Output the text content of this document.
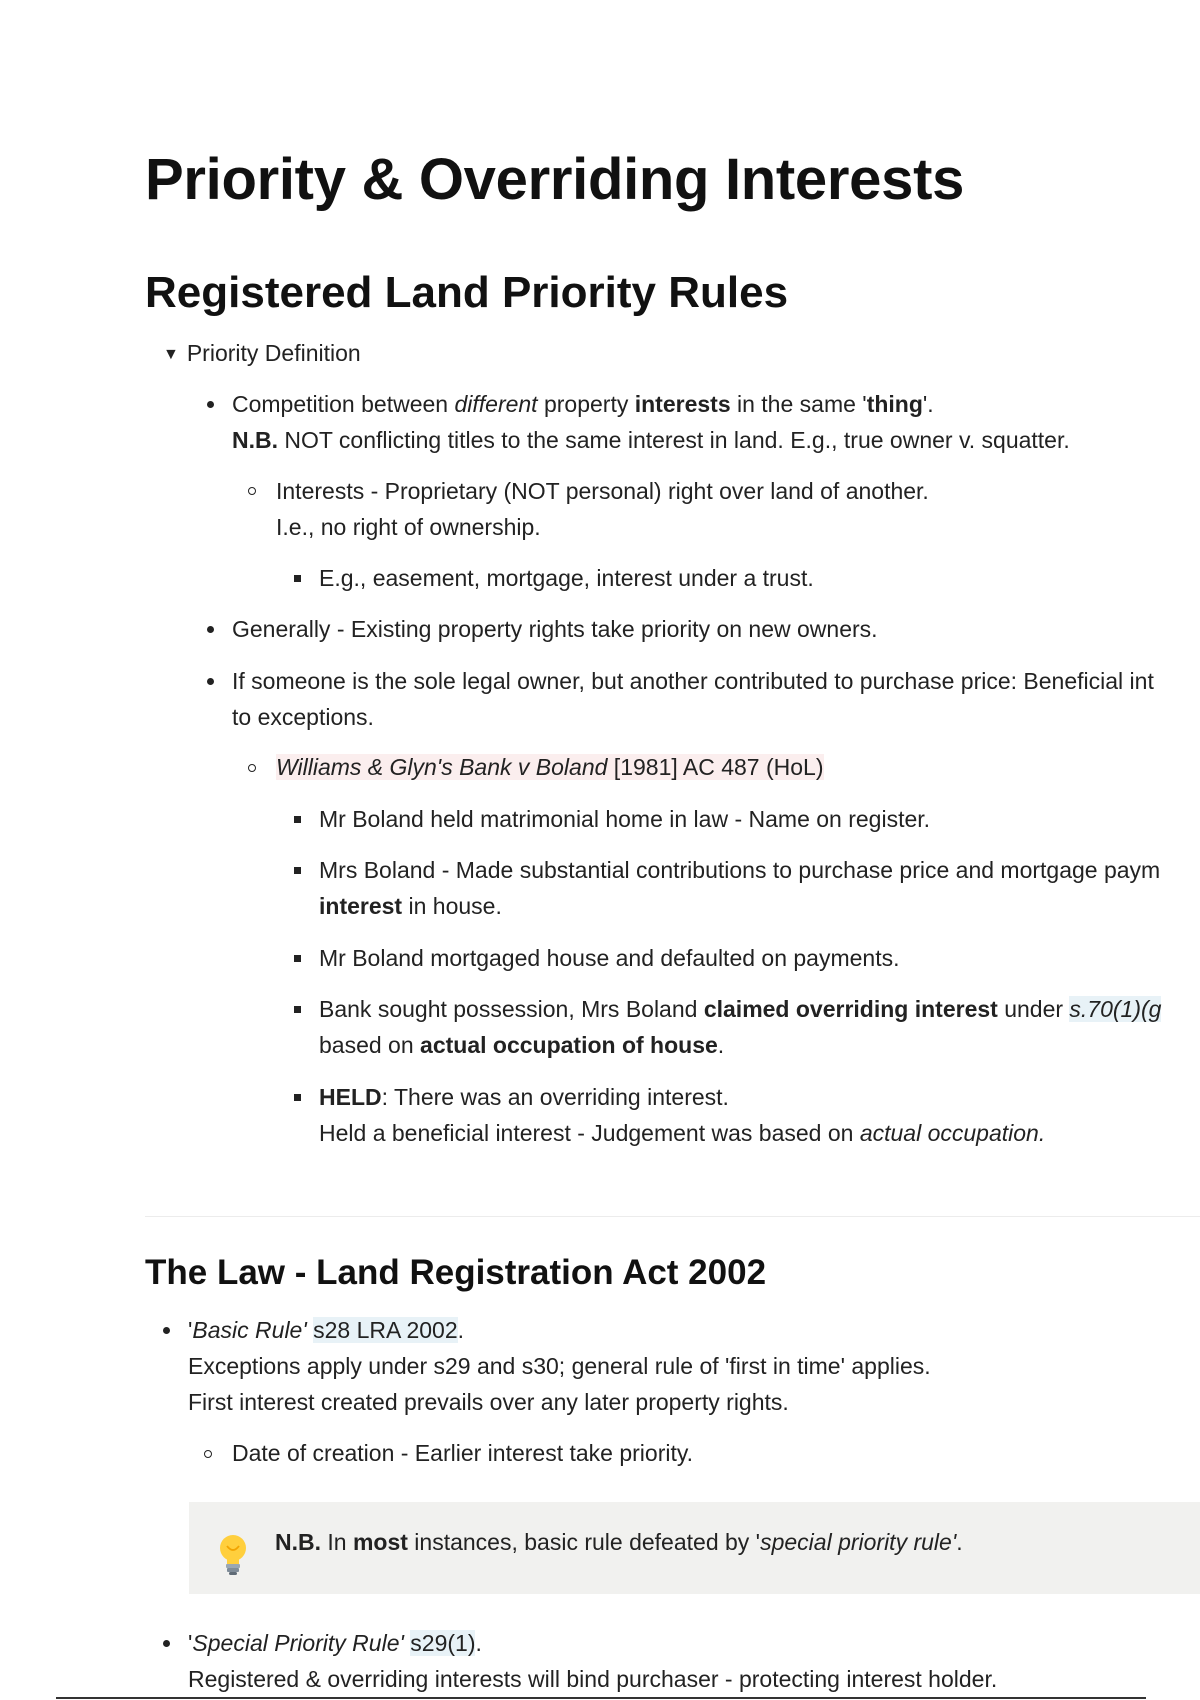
Priority & Overriding Interests
Registered Land Priority Rules
▼ Priority Definition
Competition between different property interests in the same 'thing'.
N.B. NOT conflicting titles to the same interest in land. E.g., true owner v. squatter.
Interests - Proprietary (NOT personal) right over land of another.
I.e., no right of ownership.
E.g., easement, mortgage, interest under a trust.
Generally - Existing property rights take priority on new owners.
If someone is the sole legal owner, but another contributed to purchase price: Beneficial int
to exceptions.
Williams & Glyn's Bank v Boland [1981] AC 487 (HoL)
Mr Boland held matrimonial home in law - Name on register.
Mrs Boland - Made substantial contributions to purchase price and mortgage paym
interest in house.
Mr Boland mortgaged house and defaulted on payments.
Bank sought possession, Mrs Boland claimed overriding interest under s.70(1)(g
based on actual occupation of house.
HELD: There was an overriding interest.
Held a beneficial interest - Judgement was based on actual occupation.
The Law - Land Registration Act 2002
'Basic Rule' s28 LRA 2002.
Exceptions apply under s29 and s30; general rule of 'first in time' applies.
First interest created prevails over any later property rights.
Date of creation - Earlier interest take priority.
N.B. In most instances, basic rule defeated by 'special priority rule'.
'Special Priority Rule' s29(1).
Registered & overriding interests will bind purchaser - protecting interest holder.
